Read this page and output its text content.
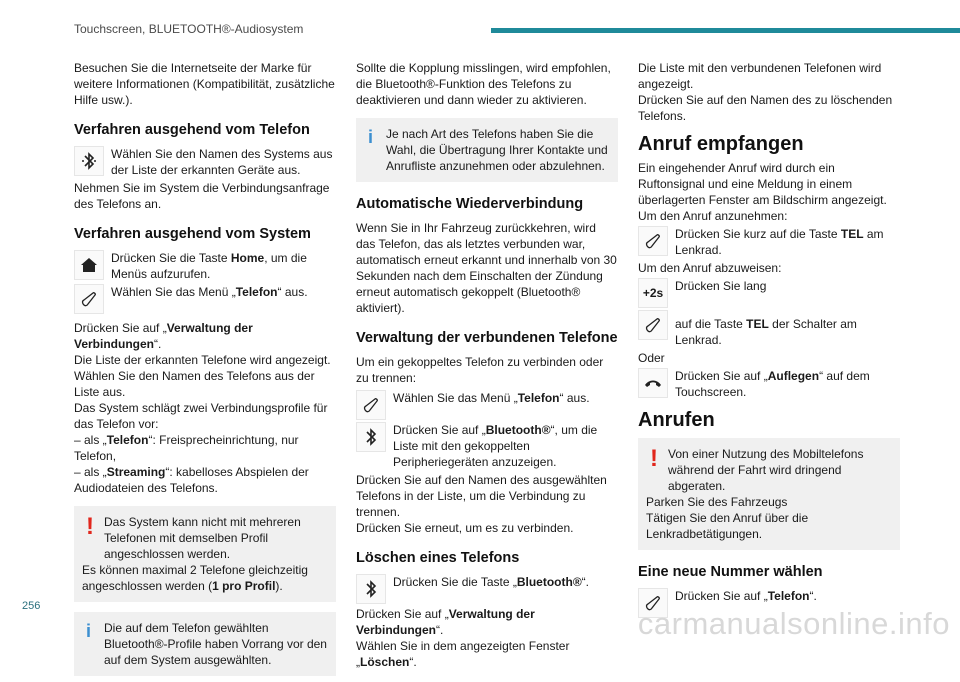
Touchscreen, BLUETOOTH®-Audiosystem

Besuchen Sie die Internetseite der Marke für weitere Informationen (Kompatibilität, zusätzliche Hilfe usw.).

Verfahren ausgehend vom Telefon
Wählen Sie den Namen des Systems aus der Liste der erkannten Geräte aus.

Nehmen Sie im System die Verbindungsanfrage des Telefons an.

Verfahren ausgehend vom System
Drücken Sie die Taste Home, um die Menüs aufzurufen.
Wählen Sie das Menü „Telefon“ aus.

Drücken Sie auf „Verwaltung der Verbindungen“.

Die Liste der erkannten Telefone wird angezeigt.

Wählen Sie den Namen des Telefons aus der Liste aus.

Das System schlägt zwei Verbindungsprofile für das Telefon vor:

– als „Telefon“: Freisprecheinrichtung, nur Telefon,

– als „Streaming“: kabelloses Abspielen der Audiodateien des Telefons.

! Das System kann nicht mit mehreren Telefonen mit demselben Profil angeschlossen werden.
Es können maximal 2 Telefone gleichzeitig angeschlossen werden (1 pro Profil).
i	Die auf dem Telefon gewählten Bluetooth®-Profile haben Vorrang vor den auf dem System ausgewählten.

Sollte die Kopplung misslingen, wird empfohlen, die Bluetooth®-Funktion des Telefons zu deaktivieren und dann wieder zu aktivieren.

i	Je nach Art des Telefons haben Sie die Wahl, die Übertragung Ihrer Kontakte und Anrufliste anzunehmen oder abzulehnen.
Automatische Wiederverbindung

Wenn Sie in Ihr Fahrzeug zurückkehren, wird das Telefon, das als letztes verbunden war, automatisch erneut erkannt und innerhalb von 30 Sekunden nach dem Einschalten der Zündung erneut automatisch gekoppelt (Bluetooth® aktiviert).

Verwaltung der verbundenen Telefone

Um ein gekoppeltes Telefon zu verbinden oder zu trennen:

Wählen Sie das Menü „Telefon“ aus.
Drücken Sie auf „Bluetooth®“, um die Liste mit den gekoppelten Peripheriegeräten anzuzeigen.

Drücken Sie auf den Namen des ausgewählten Telefons in der Liste, um die Verbindung zu trennen.

Drücken Sie erneut, um es zu verbinden.

Löschen eines Telefons
Drücken Sie die Taste „Bluetooth®“.

Drücken Sie auf „Verwaltung der Verbindungen“.

Wählen Sie in dem angezeigten Fenster „Löschen“.

Die Liste mit den verbundenen Telefonen wird angezeigt.

Drücken Sie auf den Namen des zu löschenden Telefons.

Anruf empfangen

Ein eingehender Anruf wird durch ein Ruftonsignal und eine Meldung in einem überlagerten Fenster am Bildschirm angezeigt.

Um den Anruf anzunehmen:

Drücken Sie kurz auf die Taste TEL am Lenkrad.

Um den Anruf abzuweisen:

+2s Drücken Sie lang
auf die Taste TEL der Schalter am Lenkrad.

Oder

Drücken Sie auf „Auflegen“ auf dem Touchscreen.
Anrufen
! Von einer Nutzung des Mobiltelefons während der Fahrt wird dringend abgeraten.
Parken Sie des Fahrzeugs
Tätigen Sie den Anruf über die Lenkradbetätigungen.
Eine neue Nummer wählen
Drücken Sie auf „Telefon“.
256	carmanualsonline.info
